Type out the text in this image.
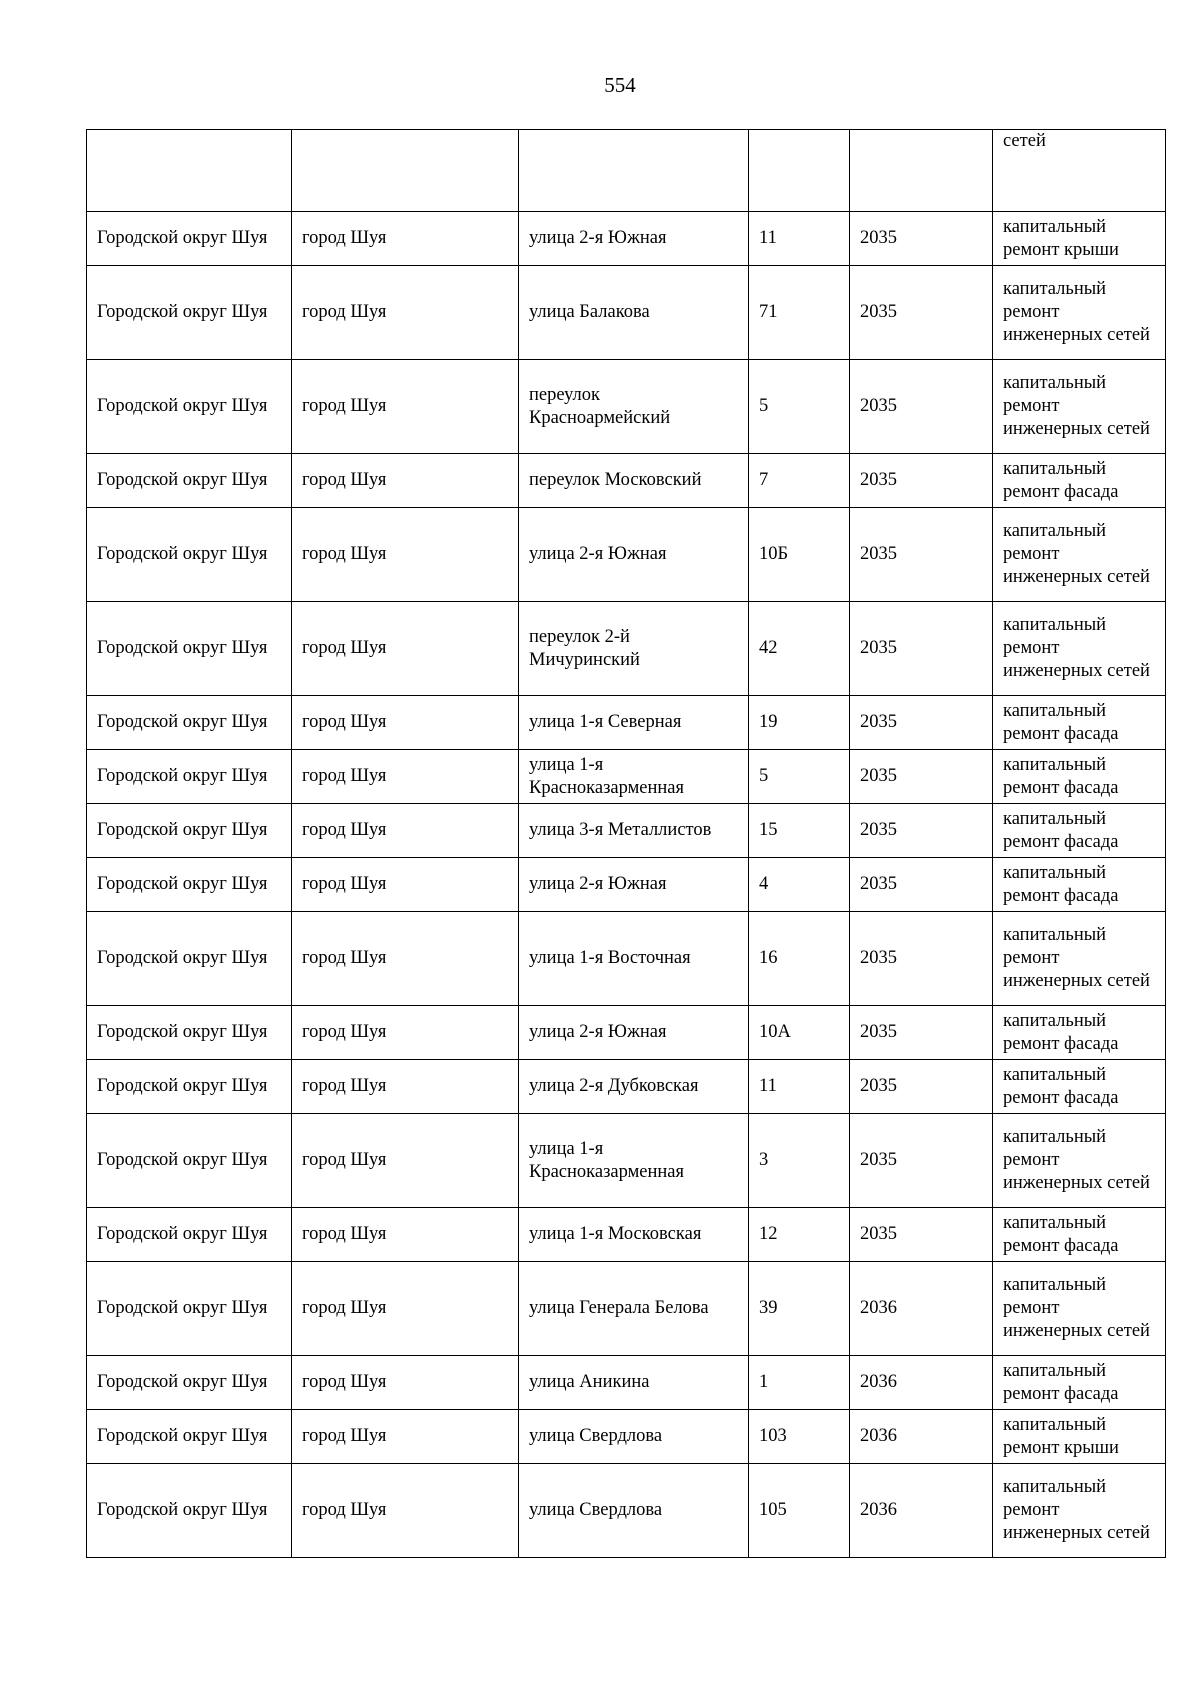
554
					сетей
Городской округ Шуя	город Шуя	улица 2-я Южная	11	2035	капитальный ремонт крыши
Городской округ Шуя	город Шуя	улица Балакова	71	2035	капитальный ремонт инженерных сетей
Городской округ Шуя	город Шуя	переулок Красноармейский	5	2035	капитальный ремонт инженерных сетей
Городской округ Шуя	город Шуя	переулок Московский	7	2035	капитальный ремонт фасада
Городской округ Шуя	город Шуя	улица 2-я Южная	10Б	2035	капитальный ремонт инженерных сетей
Городской округ Шуя	город Шуя	переулок 2-й Мичуринский	42	2035	капитальный ремонт инженерных сетей
Городской округ Шуя	город Шуя	улица 1-я Северная	19	2035	капитальный ремонт фасада
Городской округ Шуя	город Шуя	улица 1-я Красноказарменная	5	2035	капитальный ремонт фасада
Городской округ Шуя	город Шуя	улица 3-я Металлистов	15	2035	капитальный ремонт фасада
Городской округ Шуя	город Шуя	улица 2-я Южная	4	2035	капитальный ремонт фасада
Городской округ Шуя	город Шуя	улица 1-я Восточная	16	2035	капитальный ремонт инженерных сетей
Городской округ Шуя	город Шуя	улица 2-я Южная	10А	2035	капитальный ремонт фасада
Городской округ Шуя	город Шуя	улица 2-я Дубковская	11	2035	капитальный ремонт фасада
Городской округ Шуя	город Шуя	улица 1-я Красноказарменная	3	2035	капитальный ремонт инженерных сетей
Городской округ Шуя	город Шуя	улица 1-я Московская	12	2035	капитальный ремонт фасада
Городской округ Шуя	город Шуя	улица Генерала Белова	39	2036	капитальный ремонт инженерных сетей
Городской округ Шуя	город Шуя	улица Аникина	1	2036	капитальный ремонт фасада
Городской округ Шуя	город Шуя	улица Свердлова	103	2036	капитальный ремонт крыши
Городской округ Шуя	город Шуя	улица Свердлова	105	2036	капитальный ремонт инженерных сетей
